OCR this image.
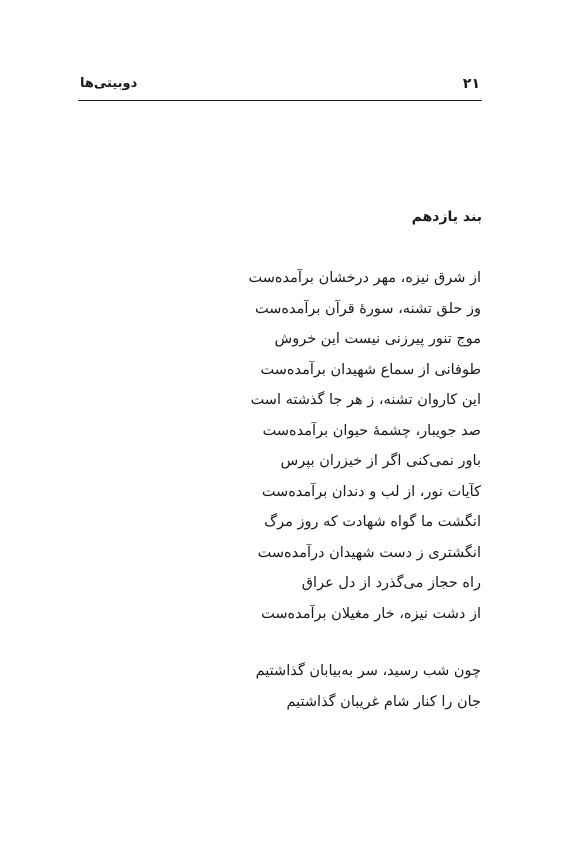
۲۱
دوبیتی‌ها
بند یازدهم
از شرق نیزه، مهر درخشان برآمده‌ست
وز حلق تشنه، سورهٔ قرآن برآمده‌ست
موج تنور پیرزنی نیست این خروش
طوفانی از سماع شهیدان برآمده‌ست
این کاروان تشنه، ز هر جا گذشته است
صد جویبار، چشمهٔ حیوان برآمده‌ست
باور نمی‌کنی اگر از خیزران بپرس
کآیات نور، از لب و دندان برآمده‌ست
انگشت ما گواه شهادت که روز مرگ
انگشتری ز دست شهیدان درآمده‌ست
راه حجاز می‌گذرد از دل عراق
از دشت نیزه، خار مغیلان برآمده‌ست
چون شب رسید، سر به‌بیابان گذاشتیم
جان را کنار شام غریبان گذاشتیم
